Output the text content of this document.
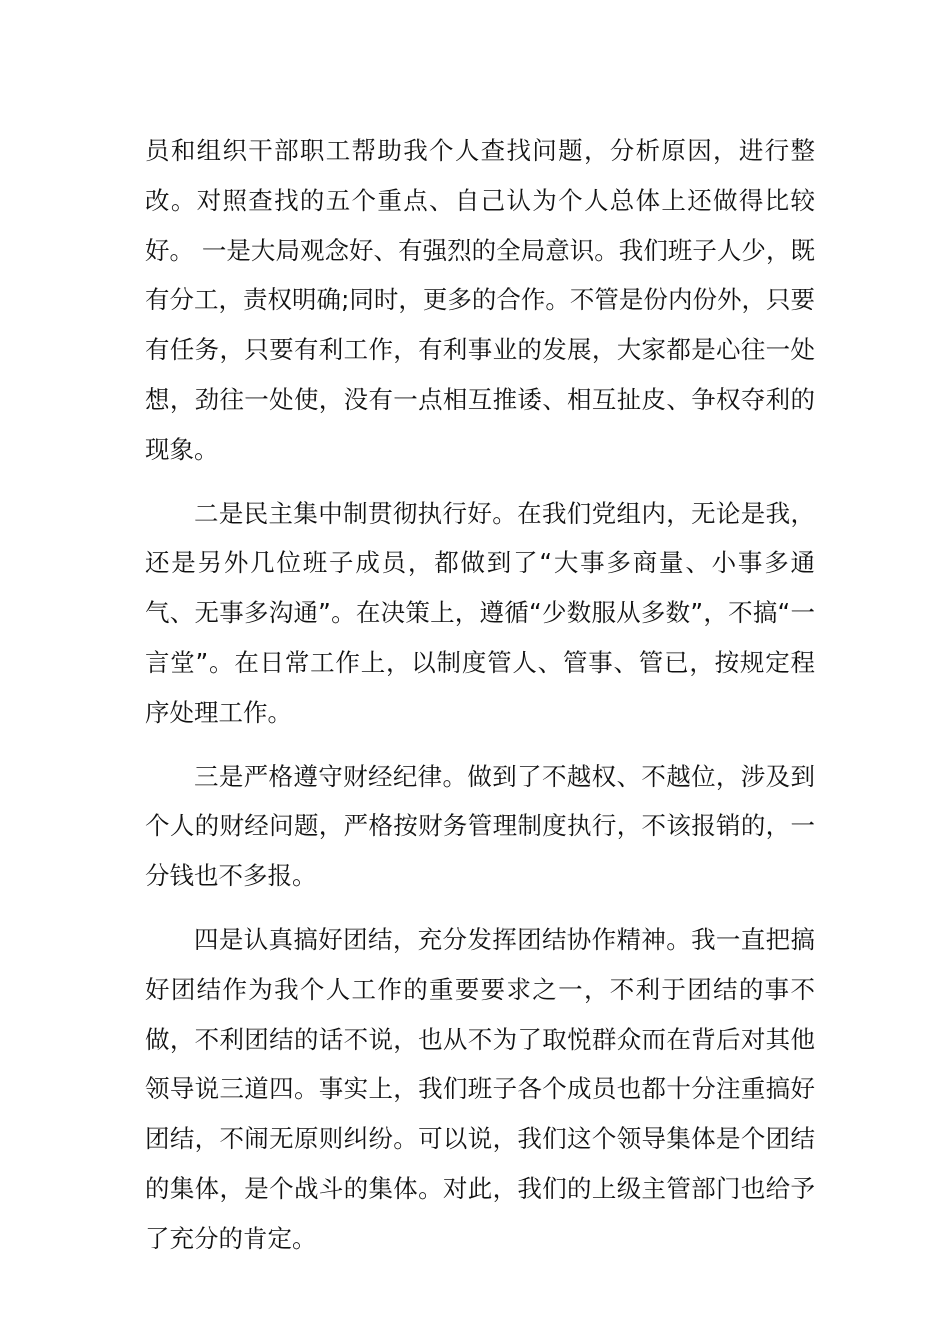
员和组织干部职工帮助我个人查找问题，分析原因，进行整改。对照查找的五个重点、自己认为个人总体上还做得比较好。 一是大局观念好、有强烈的全局意识。我们班子人少，既有分工，责权明确;同时，更多的合作。不管是份内份外，只要有任务，只要有利工作，有利事业的发展，大家都是心往一处想，劲往一处使，没有一点相互推诿、相互扯皮、争权夺利的现象。

二是民主集中制贯彻执行好。在我们党组内，无论是我，还是另外几位班子成员，都做到了“大事多商量、小事多通气、无事多沟通”。在决策上，遵循“少数服从多数”，不搞“一言堂”。在日常工作上，以制度管人、管事、管已，按规定程序处理工作。

三是严格遵守财经纪律。做到了不越权、不越位，涉及到个人的财经问题，严格按财务管理制度执行，不该报销的，一分钱也不多报。

四是认真搞好团结，充分发挥团结协作精神。我一直把搞好团结作为我个人工作的重要要求之一，不利于团结的事不做，不利团结的话不说，也从不为了取悦群众而在背后对其他领导说三道四。事实上，我们班子各个成员也都十分注重搞好团结，不闹无原则纠纷。可以说，我们这个领导集体是个团结的集体，是个战斗的集体。对此，我们的上级主管部门也给予了充分的肯定。
